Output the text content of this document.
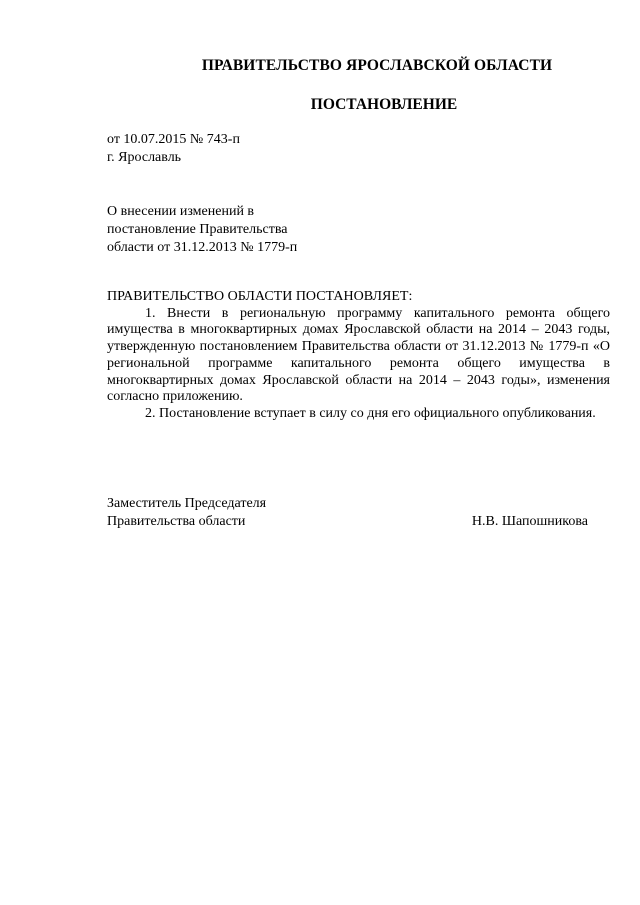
ПРАВИТЕЛЬСТВО ЯРОСЛАВСКОЙ ОБЛАСТИ
ПОСТАНОВЛЕНИЕ
от 10.07.2015 № 743-п
г. Ярославль
О внесении изменений в
постановление Правительства
области от 31.12.2013 № 1779-п
ПРАВИТЕЛЬСТВО ОБЛАСТИ ПОСТАНОВЛЯЕТ:

1. Внести в региональную программу капитального ремонта общего имущества в многоквартирных домах Ярославской области на 2014 – 2043 годы, утвержденную постановлением Правительства области от 31.12.2013 № 1779-п «О региональной программе капитального ремонта общего имущества в многоквартирных домах Ярославской области на 2014 – 2043 годы», изменения согласно приложению.

2. Постановление вступает в силу со дня его официального опубликования.

Заместитель Председателя
Правительства области	Н.В. Шапошникова
